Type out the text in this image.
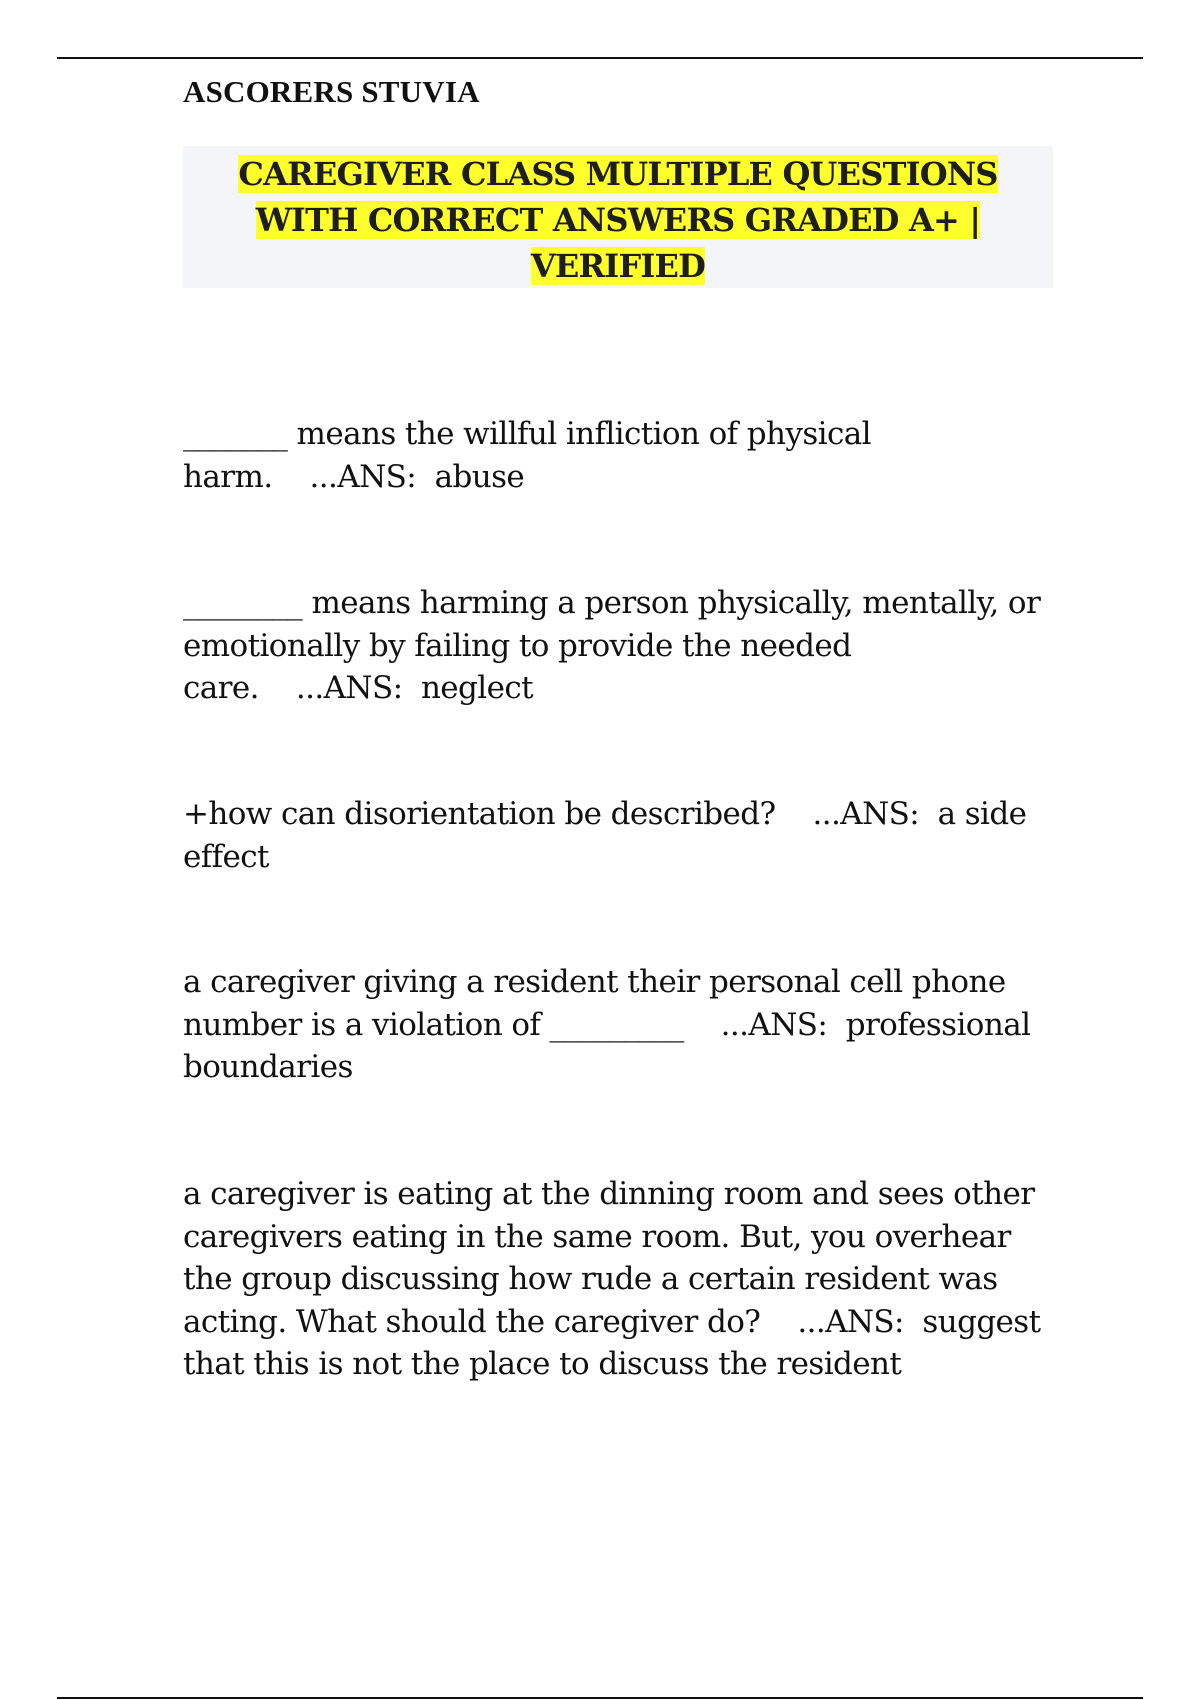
ASCORERS STUVIA

CAREGIVER CLASS MULTIPLE QUESTIONS
WITH CORRECT ANSWERS GRADED A+ |
VERIFIED
_______ means the willful infliction of physical
harm.    ...ANS:  abuse
________ means harming a person physically, mentally, or
emotionally by failing to provide the needed
care.    ...ANS:  neglect
+how can disorientation be described?    ...ANS:  a side
effect
a caregiver giving a resident their personal cell phone
number is a violation of _________    ...ANS:  professional
boundaries
a caregiver is eating at the dinning room and sees other
caregivers eating in the same room. But, you overhear
the group discussing how rude a certain resident was
acting. What should the caregiver do?    ...ANS:  suggest
that this is not the place to discuss the resident
